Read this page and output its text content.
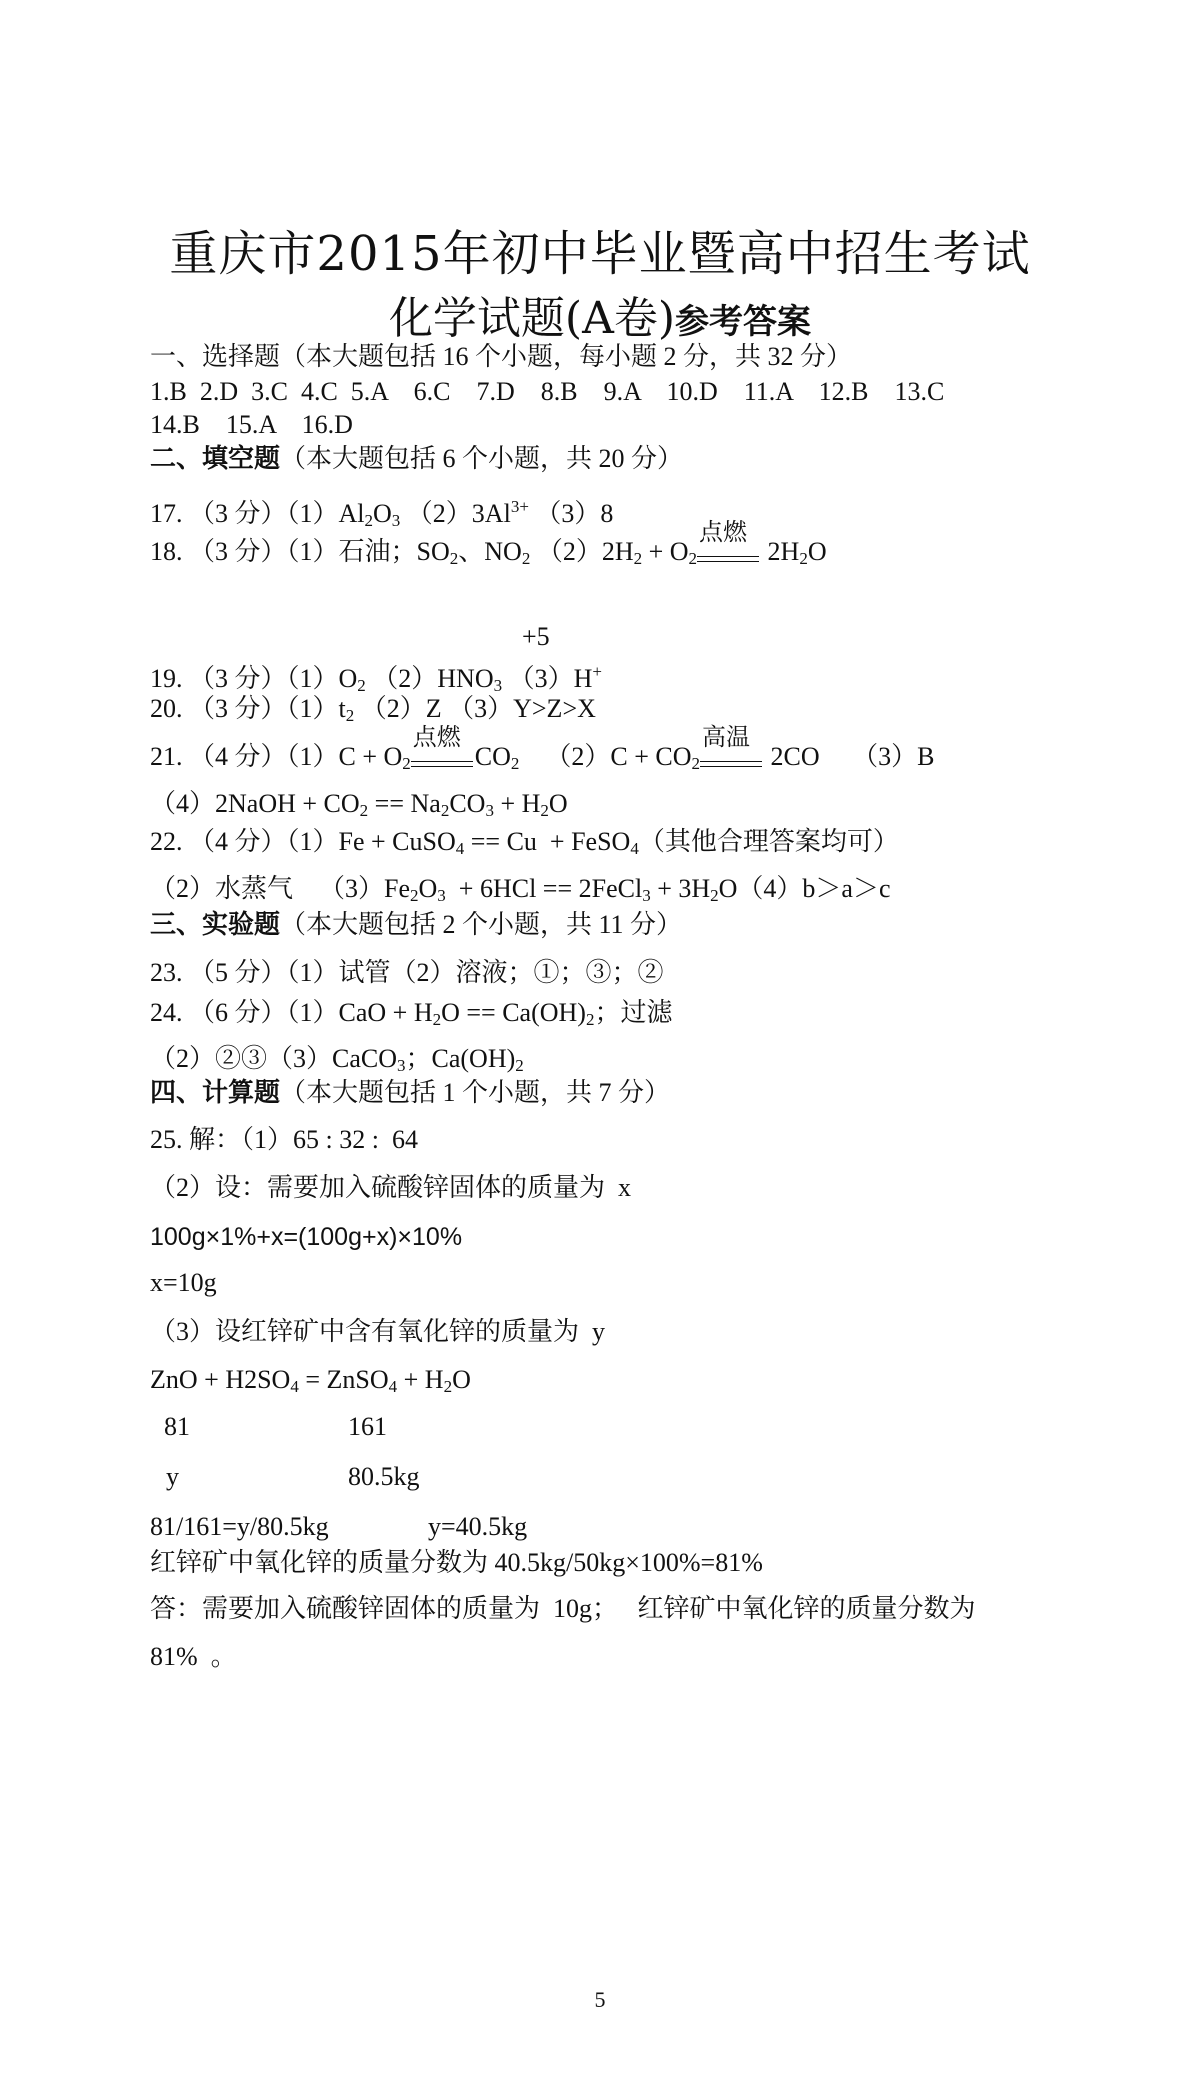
重庆市2015年初中毕业暨高中招生考试
化学试题(A卷)参考答案
一、选择题（本大题包括 16 个小题，每小题 2 分，共 32 分）
1.B  2.D  3.C  4.C  5.A    6.C    7.D    8.B    9.A    10.D    11.A    12.B    13.C
14.B    15.A    16.D
二、填空题（本大题包括 6 个小题，共 20 分）
17. （3 分）$(1)Al_2O_3$ $(2)3Al^{3+}$ （3）8
18. （3 分）（1）石油；$SO_2$、$NO_2$ $(2)2H_2 + O_2$
点燃
$2H_2O$
+5
19. （3 分）$(1)O_2$ $(2)HNO_3$ （3）H+
20. （3 分）$(1)t_2$ （2）Z （3）Y>Z>X
21. （4 分）$(1)C + O_2$
点燃
$CO_2$    $(2)C + CO_2$
高温
2CO     （3）B
（4）2NaOH + $CO_2 == Na_2CO_3 + H_2O$
22. （4 分）（1）Fe + CuSO$_4$ == Cu  + FeSO$_4$（其他合理答案均可）
（2）水蒸气    $(3)Fe_2O_3 + 6HCl$ == 2FeCl$_3$ + $3H_2O(4)b>a>c$
三、实验题（本大题包括 2 个小题，共 11 分）
23. （5 分）（1）试管（2）溶液；①；③；②
24. （6 分）$(1)CaO + H_2O == Ca(OH)_2$；过滤
（2）②③（3）CaCO$_3$；$Ca(OH)_2$
四、计算题（本大题包括 1 个小题，共 7 分）
25. 解：（1）65 : 32 :  64
（2）设：需要加入硫酸锌固体的质量为  x
100g×1%+x=(100g+x)×10%
x=10g
（3）设红锌矿中含有氧化锌的质量为  y
ZnO + $H2SO_4$ = ZnSO$_4$ + $H_2O$
81	161
y	80.5kg
81/161=y/80.5kg	y=40.5kg
红锌矿中氧化锌的质量分数为 40.5kg/50kg×100%=81%
答：需要加入硫酸锌固体的质量为  10g；   红锌矿中氧化锌的质量分数为
81%  。
5
